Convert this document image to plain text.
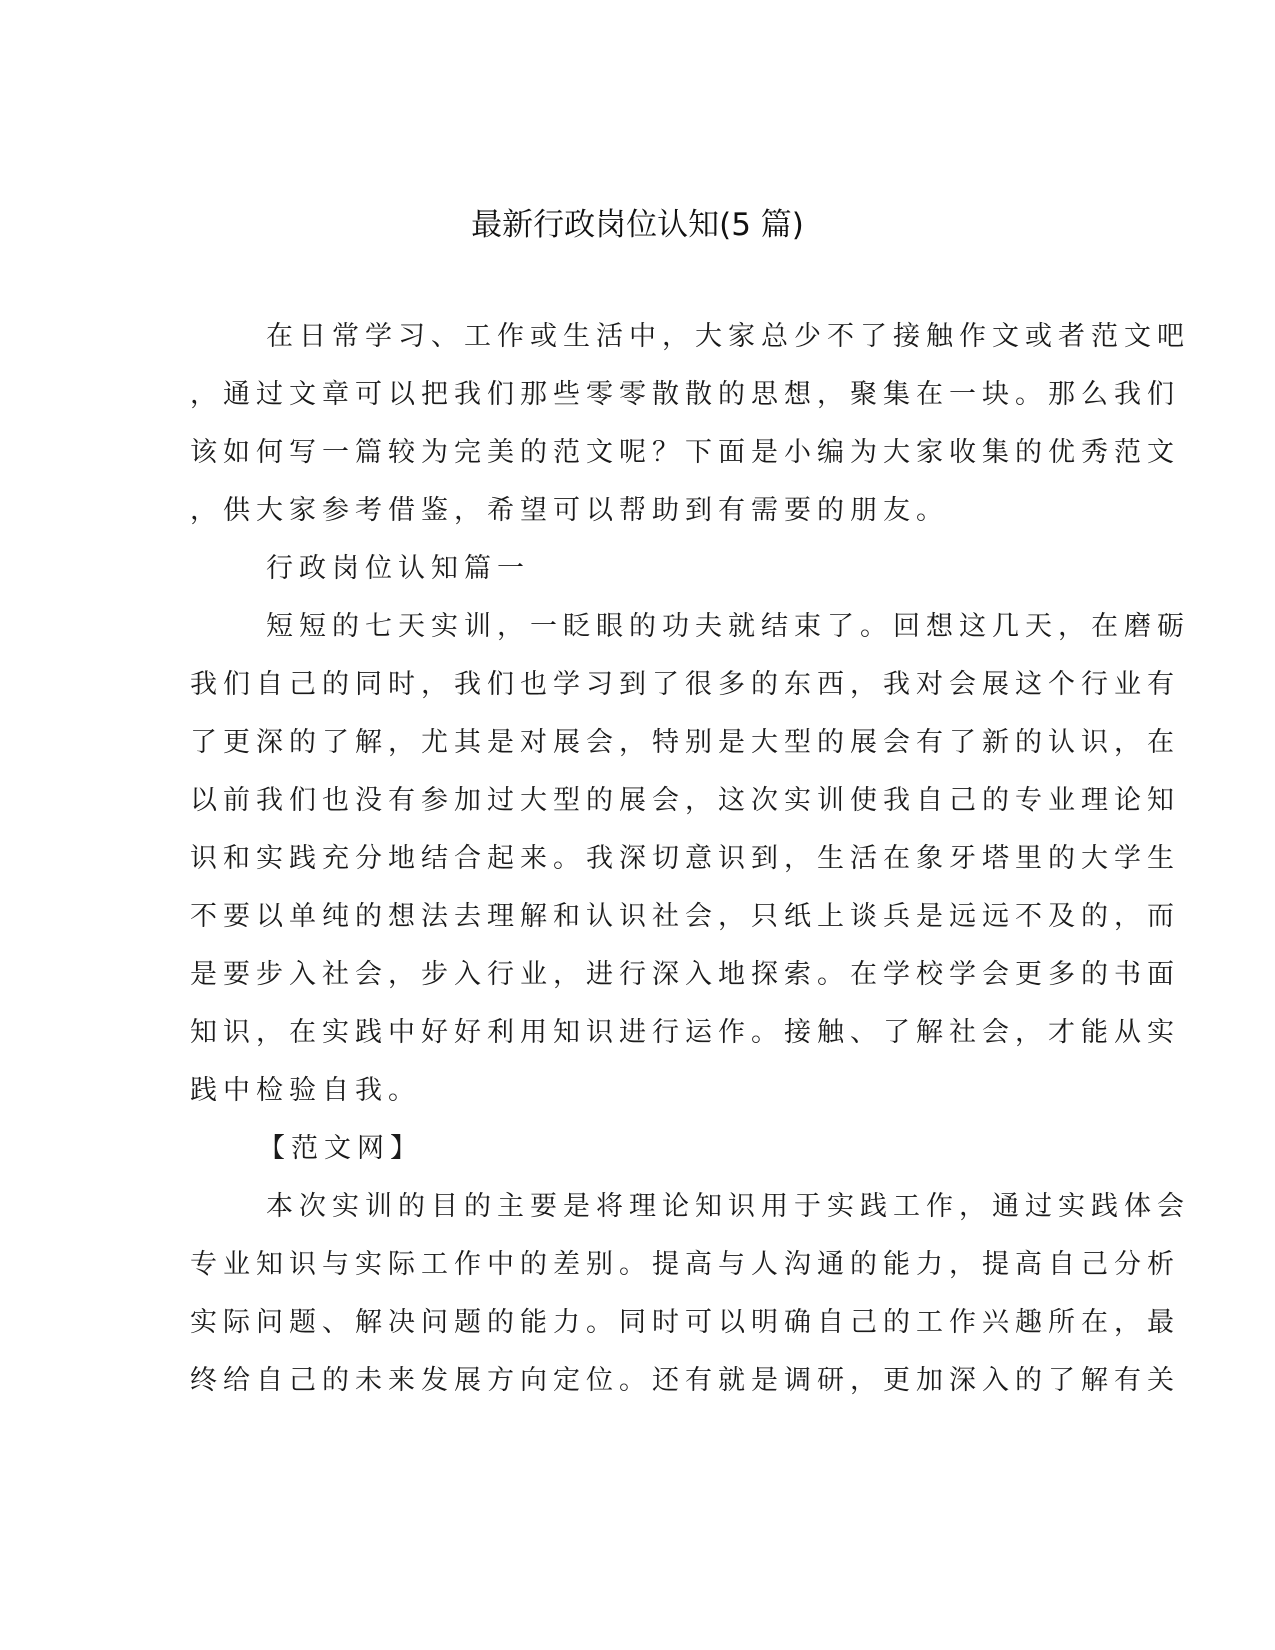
最新行政岗位认知(5 篇)

在日常学习、工作或生活中，大家总少不了接触作文或者范文吧

，通过文章可以把我们那些零零散散的思想，聚集在一块。那么我们

该如何写一篇较为完美的范文呢？下面是小编为大家收集的优秀范文

，供大家参考借鉴，希望可以帮助到有需要的朋友。

行政岗位认知篇一

短短的七天实训，一眨眼的功夫就结束了。回想这几天，在磨砺

我们自己的同时，我们也学习到了很多的东西，我对会展这个行业有

了更深的了解，尤其是对展会，特别是大型的展会有了新的认识，在

以前我们也没有参加过大型的展会，这次实训使我自己的专业理论知

识和实践充分地结合起来。我深切意识到，生活在象牙塔里的大学生

不要以单纯的想法去理解和认识社会，只纸上谈兵是远远不及的，而

是要步入社会，步入行业，进行深入地探索。在学校学会更多的书面

知识，在实践中好好利用知识进行运作。接触、了解社会，才能从实

践中检验自我。

【范文网】

本次实训的目的主要是将理论知识用于实践工作，通过实践体会

专业知识与实际工作中的差别。提高与人沟通的能力，提高自己分析

实际问题、解决问题的能力。同时可以明确自己的工作兴趣所在，最

终给自己的未来发展方向定位。还有就是调研，更加深入的了解有关
